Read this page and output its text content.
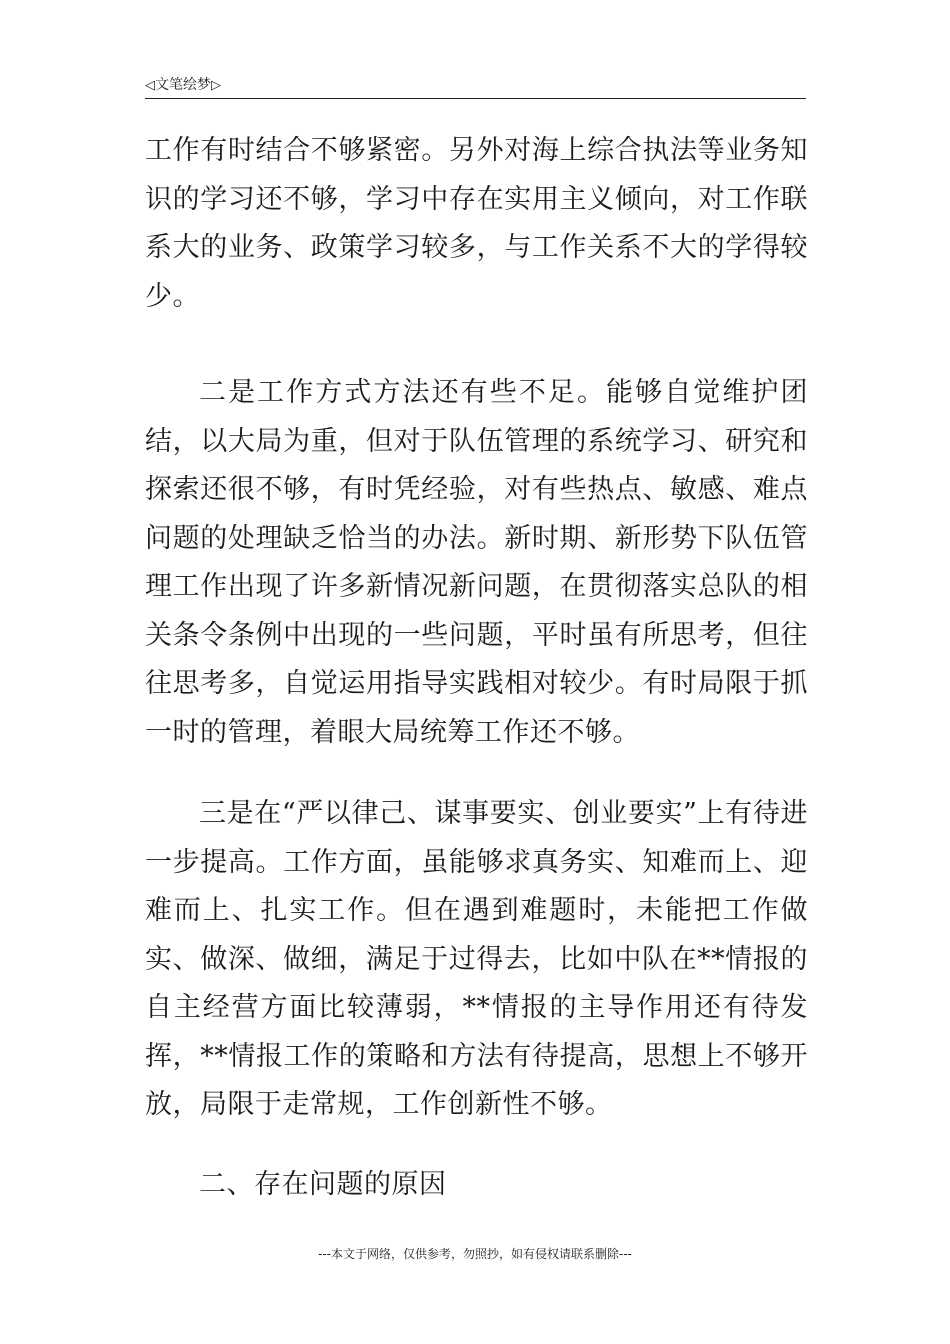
◁文笔绘梦▷

工作有时结合不够紧密。另外对海上综合执法等业务知识的学习还不够，学习中存在实用主义倾向，对工作联系大的业务、政策学习较多，与工作关系不大的学得较少。

二是工作方式方法还有些不足。能够自觉维护团结，以大局为重，但对于队伍管理的系统学习、研究和探索还很不够，有时凭经验，对有些热点、敏感、难点问题的处理缺乏恰当的办法。新时期、新形势下队伍管理工作出现了许多新情况新问题，在贯彻落实总队的相关条令条例中出现的一些问题，平时虽有所思考，但往往思考多，自觉运用指导实践相对较少。有时局限于抓一时的管理，着眼大局统筹工作还不够。

三是在“严以律己、谋事要实、创业要实”上有待进一步提高。工作方面，虽能够求真务实、知难而上、迎难而上、扎实工作。但在遇到难题时，未能把工作做实、做深、做细，满足于过得去，比如中队在**情报的自主经营方面比较薄弱，**情报的主导作用还有待发挥，**情报工作的策略和方法有待提高，思想上不够开放，局限于走常规，工作创新性不够。

二、存在问题的原因

---本文于网络，仅供参考，勿照抄，如有侵权请联系删除---
